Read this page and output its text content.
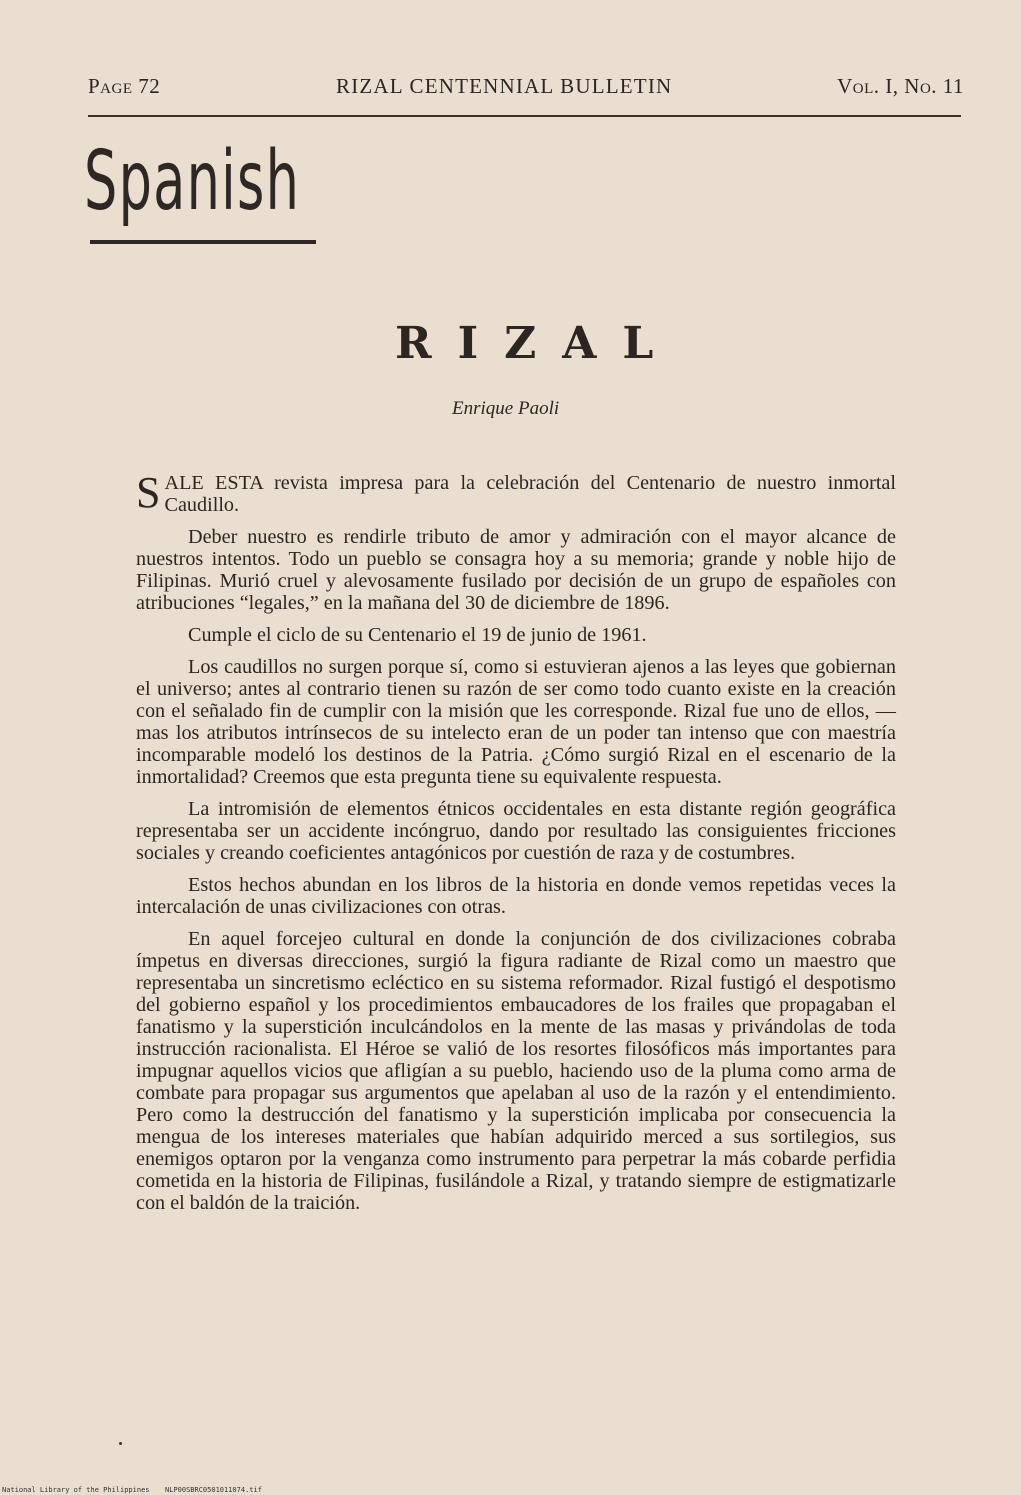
Page 72	RIZAL CENTENNIAL BULLETIN	Vol. I, No. 11
Spanish
RIZAL
Enrique Paoli

SALE ESTA revista impresa para la celebración del Centenario de nuestro inmortal Caudillo.

Deber nuestro es rendirle tributo de amor y admiración con el mayor alcance de nuestros intentos. Todo un pueblo se consagra hoy a su memoria; grande y noble hijo de Filipinas. Murió cruel y alevosamente fusilado por decisión de un grupo de españoles con atribuciones “legales,” en la mañana del 30 de diciembre de 1896.

Cumple el ciclo de su Centenario el 19 de junio de 1961.

Los caudillos no surgen porque sí, como si estuvieran ajenos a las leyes que gobiernan el universo; antes al contrario tienen su razón de ser como todo cuanto existe en la creación con el señalado fin de cumplir con la misión que les corresponde. Rizal fue uno de ellos, — mas los atributos intrínsecos de su intelecto eran de un poder tan intenso que con maestría incomparable modeló los destinos de la Patria. ¿Cómo surgió Rizal en el escenario de la inmortalidad? Creemos que esta pregunta tiene su equivalente respuesta.

La intromisión de elementos étnicos occidentales en esta distante región geográfica representaba ser un accidente incóngruo, dando por resultado las consiguientes fricciones sociales y creando coeficientes antagónicos por cuestión de raza y de costumbres.

Estos hechos abundan en los libros de la historia en donde vemos repetidas veces la intercalación de unas civilizaciones con otras.

En aquel forcejeo cultural en donde la conjunción de dos civilizaciones cobraba ímpetus en diversas direcciones, surgió la figura radiante de Rizal como un maestro que representaba un sincretismo ecléctico en su sistema reformador. Rizal fustigó el despotismo del gobierno español y los procedimientos embaucadores de los frailes que propagaban el fanatismo y la superstición inculcándolos en la mente de las masas y privándolas de toda instrucción racionalista. El Héroe se valió de los resortes filosóficos más importantes para impugnar aquellos vicios que afligían a su pueblo, haciendo uso de la pluma como arma de combate para propagar sus argumentos que apelaban al uso de la razón y el entendimiento. Pero como la destrucción del fanatismo y la superstición implicaba por consecuencia la mengua de los intereses materiales que habían adquirido merced a sus sortilegios, sus enemigos optaron por la venganza como instrumento para perpetrar la más cobarde perfidia cometida en la historia de Filipinas, fusilándole a Rizal, y tratando siempre de estigmatizarle con el baldón de la traición.

National Library of the Philippines NLP00SBRC0501011074.tif
